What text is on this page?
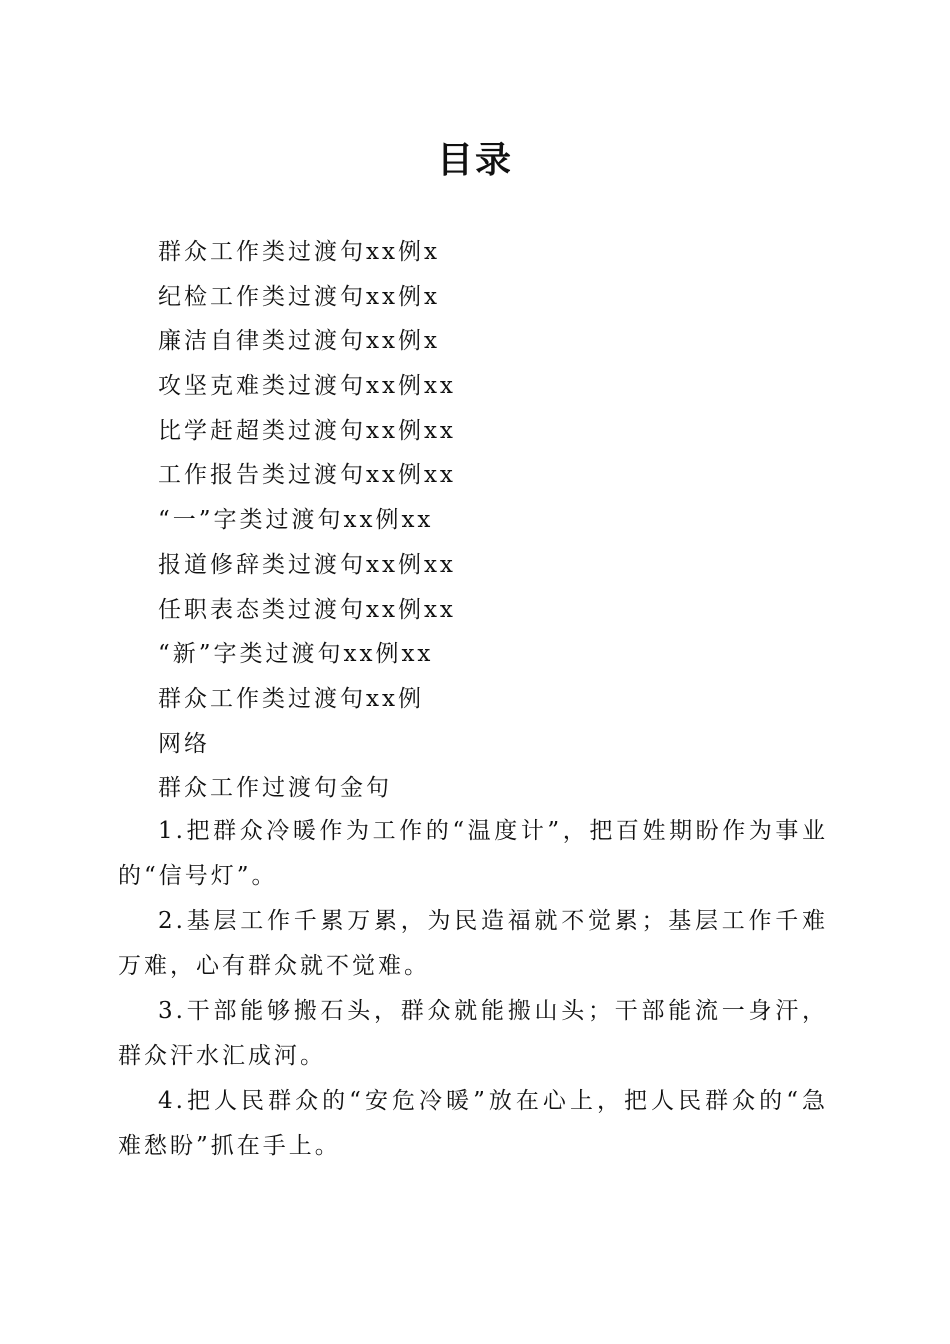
目录
群众工作类过渡句xx例x
纪检工作类过渡句xx例x
廉洁自律类过渡句xx例x
攻坚克难类过渡句xx例xx
比学赶超类过渡句xx例xx
工作报告类过渡句xx例xx
“一”字类过渡句xx例xx
报道修辞类过渡句xx例xx
任职表态类过渡句xx例xx
“新”字类过渡句xx例xx
群众工作类过渡句xx例
网络
群众工作过渡句金句

1.把群众冷暖作为工作的“温度计”，把百姓期盼作为事业的“信号灯”。

2.基层工作千累万累，为民造福就不觉累；基层工作千难万难，心有群众就不觉难。

3.干部能够搬石头，群众就能搬山头；干部能流一身汗，群众汗水汇成河。

4.把人民群众的“安危冷暖”放在心上，把人民群众的“急难愁盼”抓在手上。
